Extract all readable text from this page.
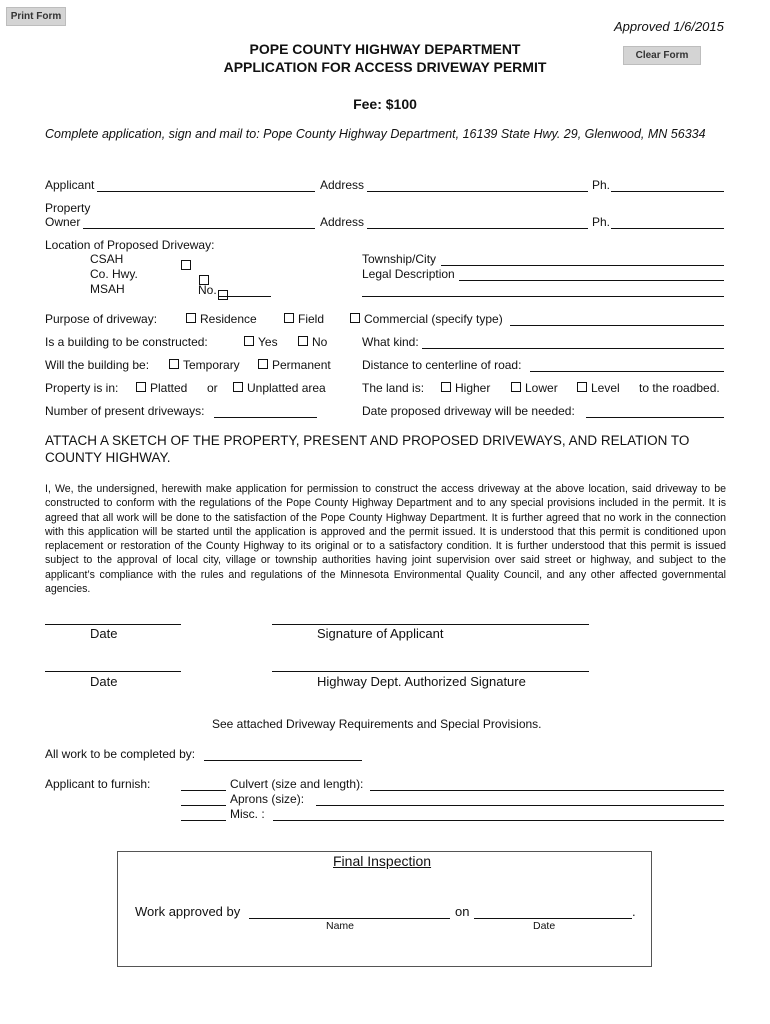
Print Form
Approved 1/6/2015
Clear Form
POPE COUNTY HIGHWAY DEPARTMENT
APPLICATION FOR ACCESS DRIVEWAY PERMIT
Fee: $100
Complete application, sign and mail to: Pope County Highway Department, 16139 State Hwy. 29, Glenwood, MN 56334
Applicant	Address	Ph.
Property
Owner	Address	Ph.
Location of Proposed Driveway:
CSAH

Co. Hwy.

MSAH	No.
Township/City
Legal Description
Purpose of driveway:	Residence	Field	Commercial (specify type)
Is a building to be constructed:	Yes	No	What kind:
Will the building be:	Temporary	Permanent	Distance to centerline of road:
Property is in:	Platted or Unplatted area	The land is:	Higher	Lower	Level to the roadbed.
Number of present driveways:	Date proposed driveway will be needed:
ATTACH A SKETCH OF THE PROPERTY, PRESENT AND PROPOSED DRIVEWAYS, AND RELATION TO COUNTY HIGHWAY.
I, We, the undersigned, herewith make application for permission to construct the access driveway at the above location, said driveway to be constructed to conform with the regulations of the Pope County Highway Department and to any special provisions included in the permit. It is agreed that all work will be done to the satisfaction of the Pope County Highway Department. It is further agreed that no work in the connection with this application will be started until the application is approved and the permit issued. It is understood that this permit is conditioned upon replacement or restoration of the County Highway to its original or to a satisfactory condition. It is further understood that this permit is issued subject to the approval of local city, village or township authorities having joint supervision over said street or highway, and subject to the applicant’s compliance with the rules and regulations of the Minnesota Environmental Quality Council, and any other affected governmental agencies.
Date	Signature of Applicant
Date	Highway Dept. Authorized Signature
See attached Driveway Requirements and Special Provisions.
All work to be completed by:
Applicant to furnish:	Culvert (size and length):
Aprons (size):
Misc. :
Final Inspection
Work approved by	on	.
Name	Date
